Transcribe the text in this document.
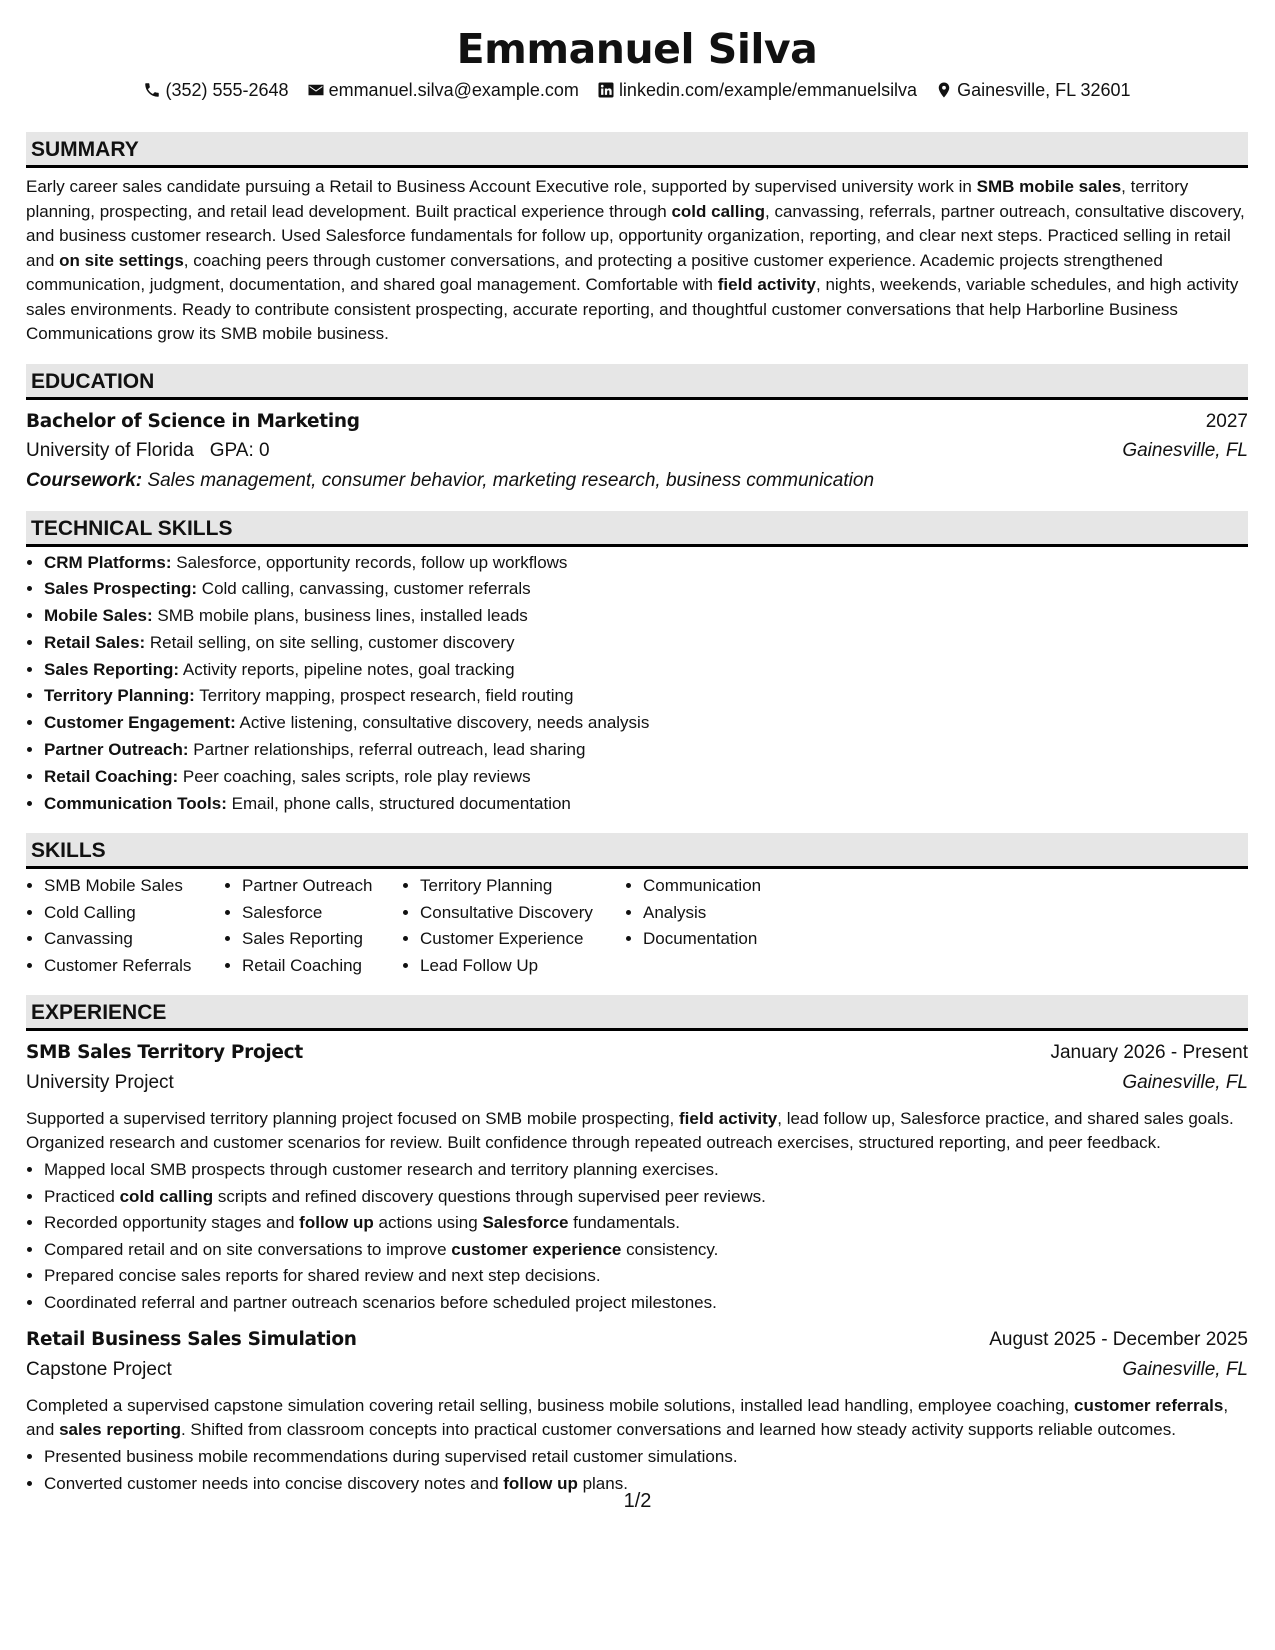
Emmanuel Silva
(352) 555-2648 emmanuel.silva@example.com linkedin.com/example/emmanuelsilva Gainesville, FL 32601
SUMMARY
Early career sales candidate pursuing a Retail to Business Account Executive role, supported by supervised university work in SMB mobile sales, territory planning, prospecting, and retail lead development. Built practical experience through cold calling, canvassing, referrals, partner outreach, consultative discovery, and business customer research. Used Salesforce fundamentals for follow up, opportunity organization, reporting, and clear next steps. Practiced selling in retail and on site settings, coaching peers through customer conversations, and protecting a positive customer experience. Academic projects strengthened communication, judgment, documentation, and shared goal management. Comfortable with field activity, nights, weekends, variable schedules, and high activity sales environments. Ready to contribute consistent prospecting, accurate reporting, and thoughtful customer conversations that help Harborline Business Communications grow its SMB mobile business.
EDUCATION
Bachelor of Science in Marketing	2027
University of Florida GPA: 0	Gainesville, FL
Coursework: Sales management, consumer behavior, marketing research, business communication
TECHNICAL SKILLS
• CRM Platforms: Salesforce, opportunity records, follow up workflows
• Sales Prospecting: Cold calling, canvassing, customer referrals
• Mobile Sales: SMB mobile plans, business lines, installed leads
• Retail Sales: Retail selling, on site selling, customer discovery
• Sales Reporting: Activity reports, pipeline notes, goal tracking
• Territory Planning: Territory mapping, prospect research, field routing
• Customer Engagement: Active listening, consultative discovery, needs analysis
• Partner Outreach: Partner relationships, referral outreach, lead sharing
• Retail Coaching: Peer coaching, sales scripts, role play reviews
• Communication Tools: Email, phone calls, structured documentation
SKILLS
• SMB Mobile Sales
• Cold Calling
• Canvassing
• Customer Referrals
• Partner Outreach
• Salesforce
• Sales Reporting
• Retail Coaching
• Territory Planning
• Consultative Discovery
• Customer Experience
• Lead Follow Up
• Communication
• Analysis
• Documentation
EXPERIENCE
SMB Sales Territory Project	January 2026 - Present
University Project	Gainesville, FL
Supported a supervised territory planning project focused on SMB mobile prospecting, field activity, lead follow up, Salesforce practice, and shared sales goals. Organized research and customer scenarios for review. Built confidence through repeated outreach exercises, structured reporting, and peer feedback.
• Mapped local SMB prospects through customer research and territory planning exercises.
• Practiced cold calling scripts and refined discovery questions through supervised peer reviews.
• Recorded opportunity stages and follow up actions using Salesforce fundamentals.
• Compared retail and on site conversations to improve customer experience consistency.
• Prepared concise sales reports for shared review and next step decisions.
• Coordinated referral and partner outreach scenarios before scheduled project milestones.
Retail Business Sales Simulation	August 2025 - December 2025
Capstone Project	Gainesville, FL
Completed a supervised capstone simulation covering retail selling, business mobile solutions, installed lead handling, employee coaching, customer referrals, and sales reporting. Shifted from classroom concepts into practical customer conversations and learned how steady activity supports reliable outcomes.
• Presented business mobile recommendations during supervised retail customer simulations.
• Converted customer needs into concise discovery notes and follow up plans.
1/2
